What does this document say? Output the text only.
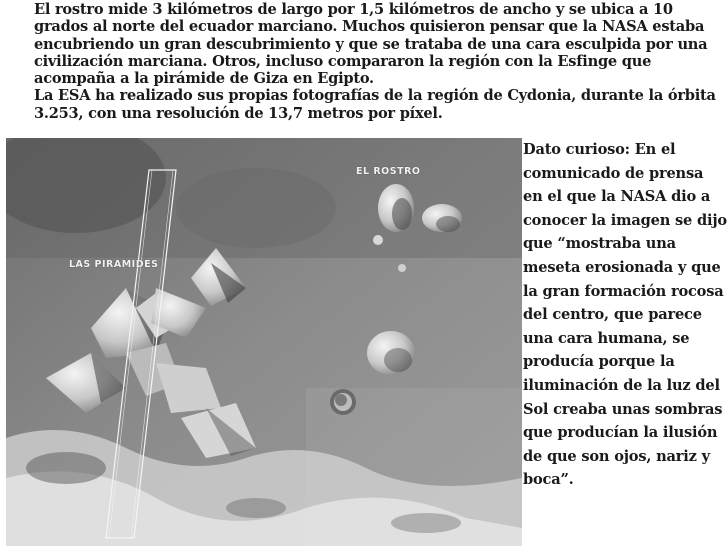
El rostro mide 3 kilómetros de largo por 1,5 kilómetros de ancho y se ubica a 10 grados al norte del ecuador marciano. Muchos quisieron pensar que la NASA estaba encubriendo un gran descubrimiento y que se trataba de una cara esculpida por una civilización marciana. Otros, incluso compararon la región con la Esfinge que acompaña a la pirámide de Giza en Egipto.

La ESA ha realizado sus propias fotografías de la región de Cydonia, durante la órbita 3.253, con una resolución de 13,7 metros por píxel.

EL ROSTRO
LAS PIRAMIDES

Dato curioso: En el comunicado de prensa en el que la NASA dio a conocer la imagen se dijo que “mostraba una meseta erosionada y que la gran formación rocosa del centro, que parece una cara humana, se producía porque la iluminación de la luz del Sol creaba unas sombras que producían la ilusión de que son ojos, nariz y boca”.
